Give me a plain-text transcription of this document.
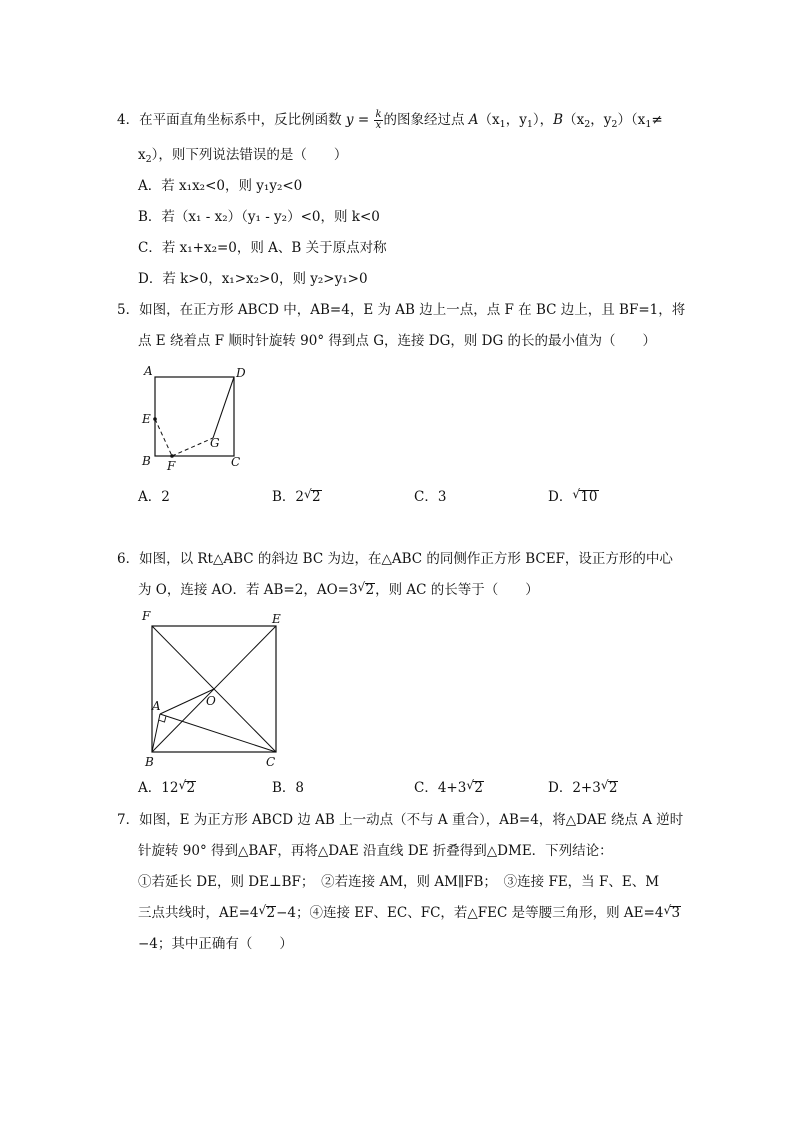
4．在平面直角坐标系中，反比例函数 $y = \frac{k}{x}$ 的图象经过点 $A(x_1$，$y_1$），$B(x_2$，$y_2)(x_1\ne$
$x_2$），则下列说法错误的是（　　）
A．若 x₁x₂<0，则 y₁y₂<0
B．若（x₁ - x₂）（y₁ - y₂）<0，则 k<0
C．若 x₁+x₂=0，则 A、B 关于原点对称
D．若 k>0，x₁>x₂>0，则 y₂>y₁>0
5．如图，在正方形 ABCD 中，AB=4，E 为 AB 边上一点，点 F 在 BC 边上，且 BF=1，将
点 E 绕着点 F 顺时针旋转 90° 得到点 G，连接 DG，则 DG 的长的最小值为（　　）
A	D
E
G
B F	C
A．2	B．2 √ 2	C．3	D． √ 10
6．如图，以 Rt△ABC 的斜边 BC 为边，在△ABC 的同侧作正方形 BCEF，设正方形的中心
为 O，连接 AO．若 AB=2，AO=3 √ 2，则 AC 的长等于（　　）
F	E
A	O
B	C
A．12 √ 2	B．8	C．4+3 √ 2	D．2+3 √ 2
7．如图，E 为正方形 ABCD 边 AB 上一动点（不与 A 重合），AB=4，将△DAE 绕点 A 逆时
针旋转 90° 得到△BAF，再将△DAE 沿直线 DE 折叠得到△DME．下列结论：
①若延长 DE，则 DE⊥BF；　②若连接 AM，则 AM∥FB；　③连接 FE，当 F、E、M
三点共线时，AE=4 √ 2−4；④连接 EF、EC、FC，若△FEC 是等腰三角形，则 AE=4 √ 3
−4；其中正确有（　　）
